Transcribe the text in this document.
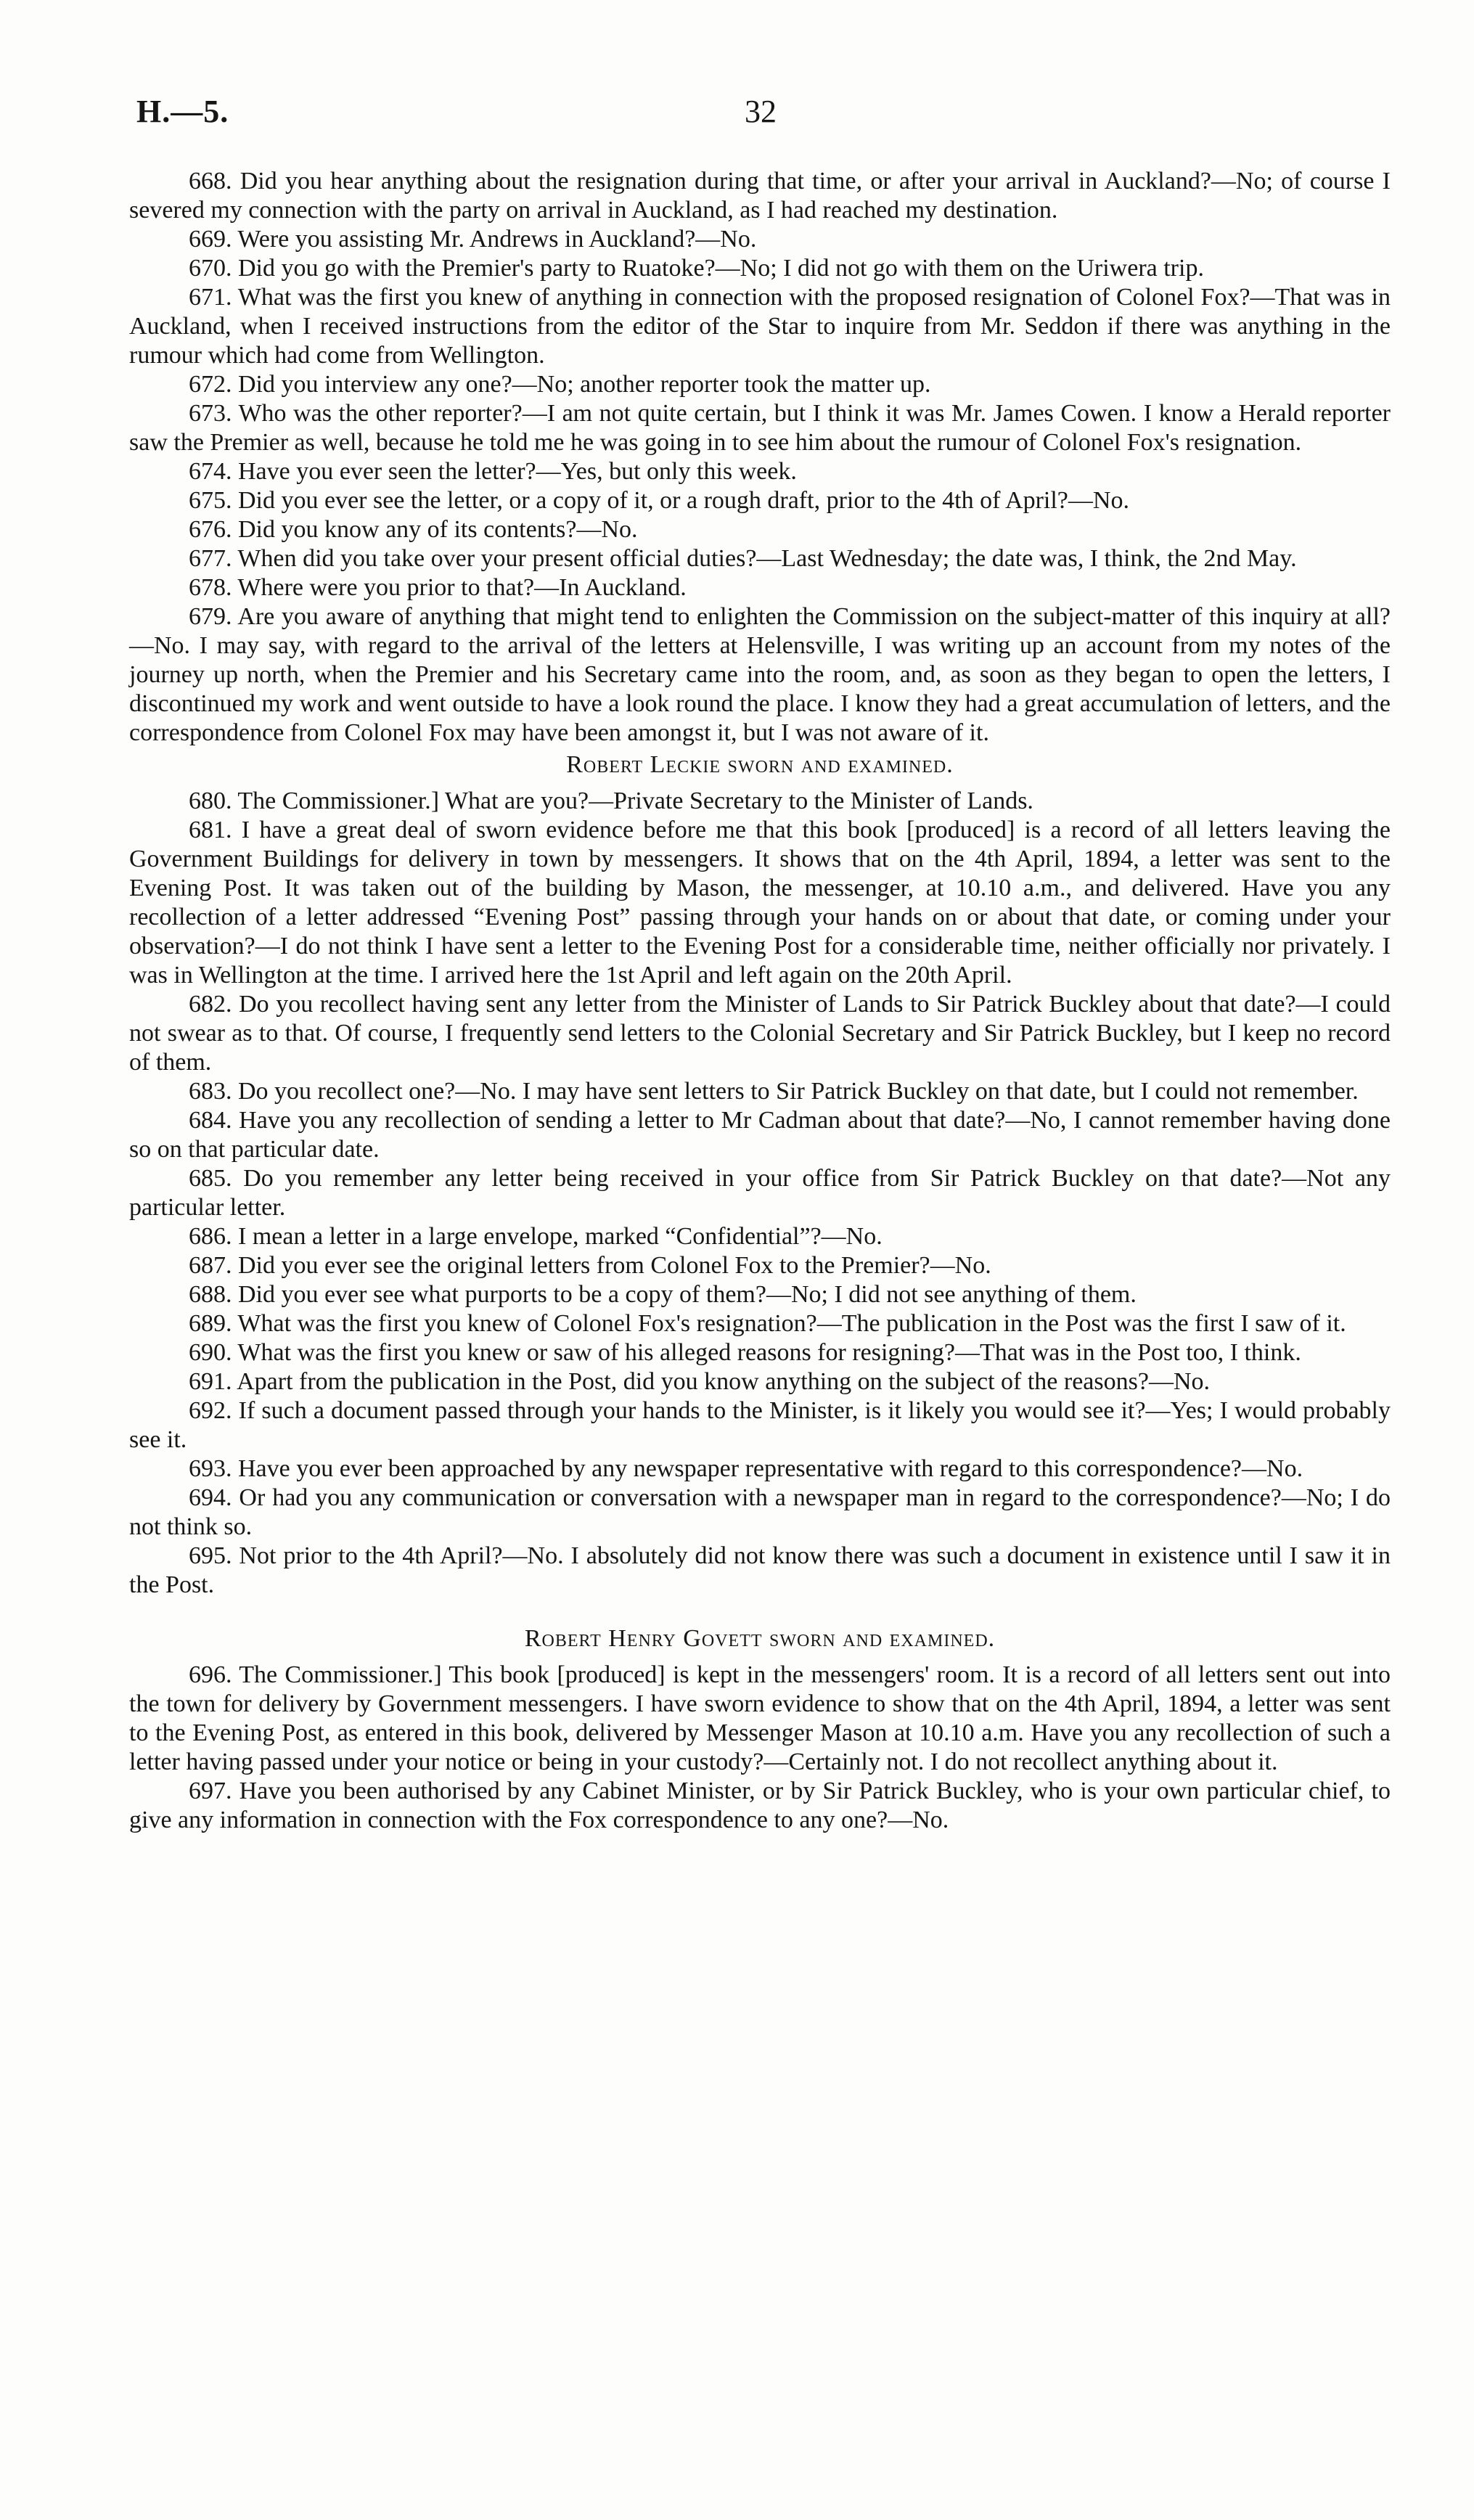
H.—5.	32

668. Did you hear anything about the resignation during that time, or after your arrival in Auckland?—No; of course I severed my connection with the party on arrival in Auckland, as I had reached my destination.

669. Were you assisting Mr. Andrews in Auckland?—No.

670. Did you go with the Premier's party to Ruatoke?—No; I did not go with them on the Uriwera trip.

671. What was the first you knew of anything in connection with the proposed resignation of Colonel Fox?—That was in Auckland, when I received instructions from the editor of the Star to inquire from Mr. Seddon if there was anything in the rumour which had come from Wellington.

672. Did you interview any one?—No; another reporter took the matter up.

673. Who was the other reporter?—I am not quite certain, but I think it was Mr. James Cowen. I know a Herald reporter saw the Premier as well, because he told me he was going in to see him about the rumour of Colonel Fox's resignation.

674. Have you ever seen the letter?—Yes, but only this week.

675. Did you ever see the letter, or a copy of it, or a rough draft, prior to the 4th of April?—No.

676. Did you know any of its contents?—No.

677. When did you take over your present official duties?—Last Wednesday; the date was, I think, the 2nd May.

678. Where were you prior to that?—In Auckland.

679. Are you aware of anything that might tend to enlighten the Commission on the subject-matter of this inquiry at all?—No. I may say, with regard to the arrival of the letters at Helensville, I was writing up an account from my notes of the journey up north, when the Premier and his Secretary came into the room, and, as soon as they began to open the letters, I discontinued my work and went outside to have a look round the place. I know they had a great accumulation of letters, and the correspondence from Colonel Fox may have been amongst it, but I was not aware of it.

Robert Leckie sworn and examined.

680. The Commissioner.] What are you?—Private Secretary to the Minister of Lands.

681. I have a great deal of sworn evidence before me that this book [produced] is a record of all letters leaving the Government Buildings for delivery in town by messengers. It shows that on the 4th April, 1894, a letter was sent to the Evening Post. It was taken out of the building by Mason, the messenger, at 10.10 a.m., and delivered. Have you any recollection of a letter addressed “Evening Post” passing through your hands on or about that date, or coming under your observation?—I do not think I have sent a letter to the Evening Post for a considerable time, neither officially nor privately. I was in Wellington at the time. I arrived here the 1st April and left again on the 20th April.

682. Do you recollect having sent any letter from the Minister of Lands to Sir Patrick Buckley about that date?—I could not swear as to that. Of course, I frequently send letters to the Colonial Secretary and Sir Patrick Buckley, but I keep no record of them.

683. Do you recollect one?—No. I may have sent letters to Sir Patrick Buckley on that date, but I could not remember.

684. Have you any recollection of sending a letter to Mr Cadman about that date?—No, I cannot remember having done so on that particular date.

685. Do you remember any letter being received in your office from Sir Patrick Buckley on that date?—Not any particular letter.

686. I mean a letter in a large envelope, marked “Confidential”?—No.

687. Did you ever see the original letters from Colonel Fox to the Premier?—No.

688. Did you ever see what purports to be a copy of them?—No; I did not see anything of them.

689. What was the first you knew of Colonel Fox's resignation?—The publication in the Post was the first I saw of it.

690. What was the first you knew or saw of his alleged reasons for resigning?—That was in the Post too, I think.

691. Apart from the publication in the Post, did you know anything on the subject of the reasons?—No.

692. If such a document passed through your hands to the Minister, is it likely you would see it?—Yes; I would probably see it.

693. Have you ever been approached by any newspaper representative with regard to this correspondence?—No.

694. Or had you any communication or conversation with a newspaper man in regard to the correspondence?—No; I do not think so.

695. Not prior to the 4th April?—No. I absolutely did not know there was such a document in existence until I saw it in the Post.

Robert Henry Govett sworn and examined.

696. The Commissioner.] This book [produced] is kept in the messengers' room. It is a record of all letters sent out into the town for delivery by Government messengers. I have sworn evidence to show that on the 4th April, 1894, a letter was sent to the Evening Post, as entered in this book, delivered by Messenger Mason at 10.10 a.m. Have you any recollection of such a letter having passed under your notice or being in your custody?—Certainly not. I do not recollect anything about it.

697. Have you been authorised by any Cabinet Minister, or by Sir Patrick Buckley, who is your own particular chief, to give any information in connection with the Fox correspondence to any one?—No.
